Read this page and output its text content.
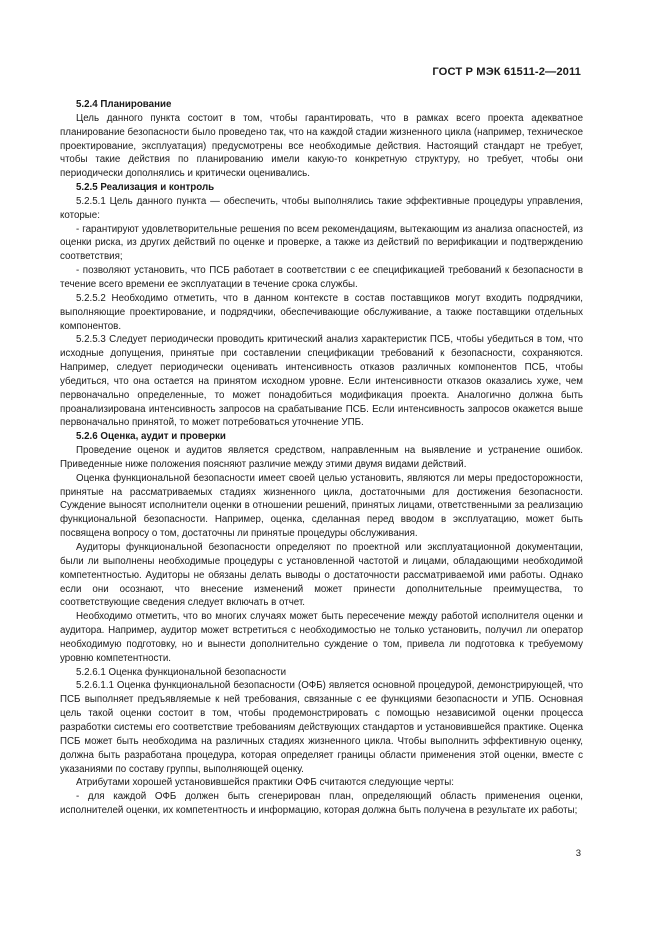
ГОСТ Р МЭК 61511-2—2011

5.2.4 Планирование

Цель данного пункта состоит в том, чтобы гарантировать, что в рамках всего проекта адекватное планирование безопасности было проведено так, что на каждой стадии жизненного цикла (например, техническое проектирование, эксплуатация) предусмотрены все необходимые действия. Настоящий стандарт не требует, чтобы такие действия по планированию имели какую-то конкретную структуру, но требует, чтобы они периодически дополнялись и критически оценивались.

5.2.5 Реализация и контроль

5.2.5.1 Цель данного пункта — обеспечить, чтобы выполнялись такие эффективные процедуры управления, которые:

- гарантируют удовлетворительные решения по всем рекомендациям, вытекающим из анализа опасностей, из оценки риска, из других действий по оценке и проверке, а также из действий по верификации и подтверждению соответствия;

- позволяют установить, что ПСБ работает в соответствии с ее спецификацией требований к безопасности в течение всего времени ее эксплуатации в течение срока службы.

5.2.5.2 Необходимо отметить, что в данном контексте в состав поставщиков могут входить подрядчики, выполняющие проектирование, и подрядчики, обеспечивающие обслуживание, а также поставщики отдельных компонентов.

5.2.5.3 Следует периодически проводить критический анализ характеристик ПСБ, чтобы убедиться в том, что исходные допущения, принятые при составлении спецификации требований к безопасности, сохраняются. Например, следует периодически оценивать интенсивность отказов различных компонентов ПСБ, чтобы убедиться, что она остается на принятом исходном уровне. Если интенсивности отказов оказались хуже, чем первоначально определенные, то может понадобиться модификация проекта. Аналогично должна быть проанализирована интенсивность запросов на срабатывание ПСБ. Если интенсивность запросов окажется выше первоначально принятой, то может потребоваться уточнение УПБ.

5.2.6 Оценка, аудит и проверки

Проведение оценок и аудитов является средством, направленным на выявление и устранение ошибок. Приведенные ниже положения поясняют различие между этими двумя видами действий.

Оценка функциональной безопасности имеет своей целью установить, являются ли меры предосторожности, принятые на рассматриваемых стадиях жизненного цикла, достаточными для достижения безопасности. Суждение выносят исполнители оценки в отношении решений, принятых лицами, ответственными за реализацию функциональной безопасности. Например, оценка, сделанная перед вводом в эксплуатацию, может быть посвящена вопросу о том, достаточны ли принятые процедуры обслуживания.

Аудиторы функциональной безопасности определяют по проектной или эксплуатационной документации, были ли выполнены необходимые процедуры с установленной частотой и лицами, обладающими необходимой компетентностью. Аудиторы не обязаны делать выводы о достаточности рассматриваемой ими работы. Однако если они осознают, что внесение изменений может принести дополнительные преимущества, то соответствующие сведения следует включать в отчет.

Необходимо отметить, что во многих случаях может быть пересечение между работой исполнителя оценки и аудитора. Например, аудитор может встретиться с необходимостью не только установить, получил ли оператор необходимую подготовку, но и вынести дополнительно суждение о том, привела ли подготовка к требуемому уровню компетентности.

5.2.6.1 Оценка функциональной безопасности

5.2.6.1.1 Оценка функциональной безопасности (ОФБ) является основной процедурой, демонстрирующей, что ПСБ выполняет предъявляемые к ней требования, связанные с ее функциями безопасности и УПБ. Основная цель такой оценки состоит в том, чтобы продемонстрировать с помощью независимой оценки процесса разработки системы его соответствие требованиям действующих стандартов и установившейся практике. Оценка ПСБ может быть необходима на различных стадиях жизненного цикла. Чтобы выполнить эффективную оценку, должна быть разработана процедура, которая определяет границы области применения этой оценки, вместе с указаниями по составу группы, выполняющей оценку.

Атрибутами хорошей установившейся практики ОФБ считаются следующие черты:

- для каждой ОФБ должен быть сгенерирован план, определяющий область применения оценки, исполнителей оценки, их компетентность и информацию, которая должна быть получена в результате их работы;

3
